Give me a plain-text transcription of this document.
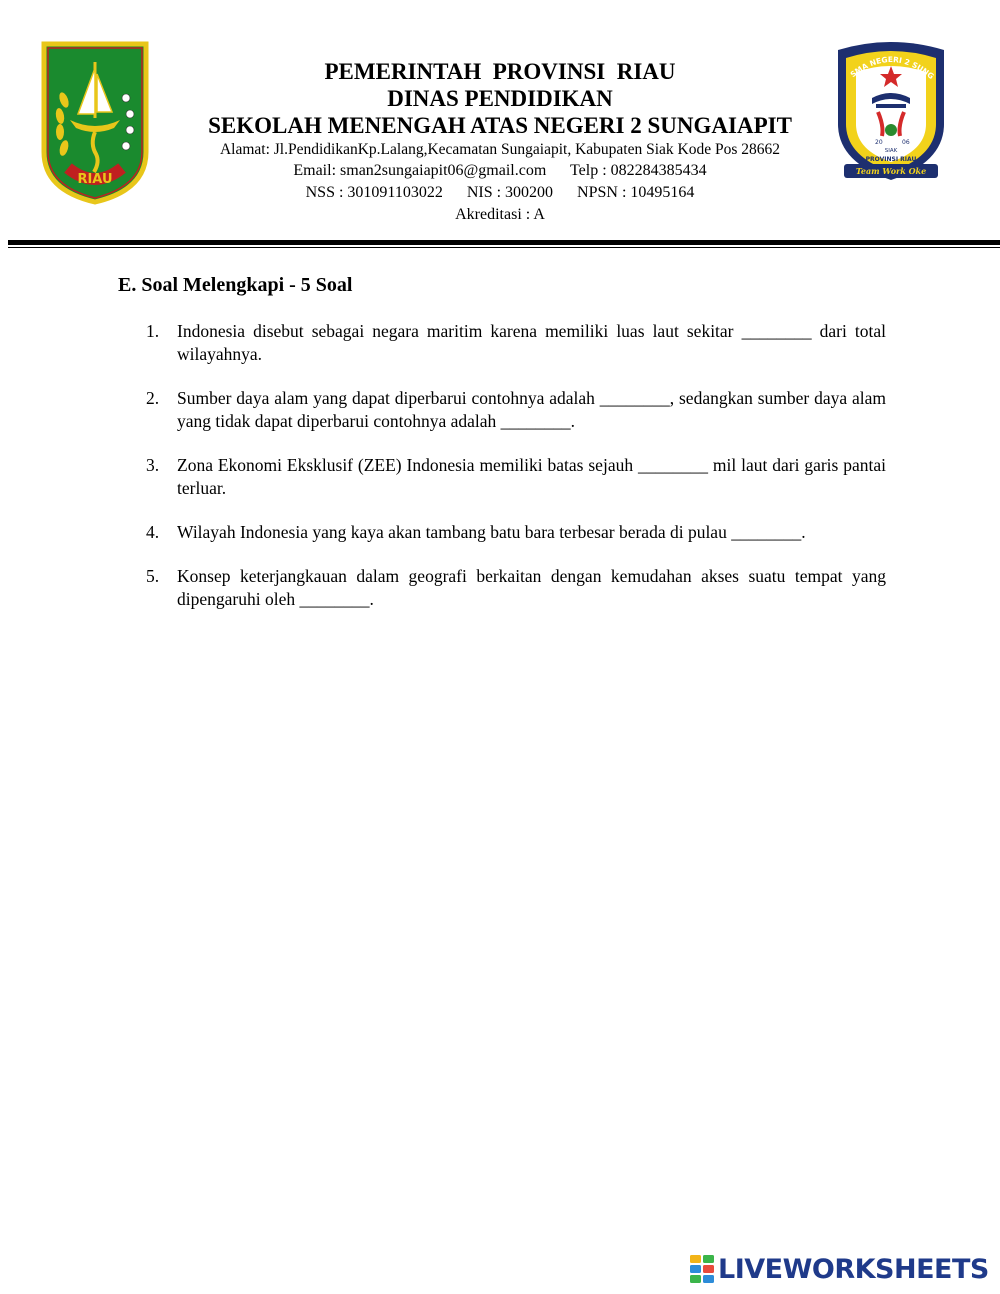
RIAU
PEMERINTAH  PROVINSI  RIAU
DINAS PENDIDIKAN
SEKOLAH MENENGAH ATAS NEGERI 2 SUNGAIAPIT
Alamat: Jl.PendidikanKp.Lalang,Kecamatan Sungaiapit, Kabupaten Siak Kode Pos 28662
Email: sman2sungaiapit06@gmail.com      Telp : 082284385434
NSS : 301091103022      NIS : 300200      NPSN : 10495164
Akreditasi : A
SMA NEGERI 2 SUNG
20	06
SIAK
PROVINSI RIAU
Team Work Oke
E. Soal Melengkapi - 5 Soal
1.	Indonesia disebut sebagai negara maritim karena memiliki luas laut sekitar ________ dari total wilayahnya.
2.	Sumber daya alam yang dapat diperbarui contohnya adalah ________, sedangkan sumber daya alam yang tidak dapat diperbarui contohnya adalah ________.
3.	Zona Ekonomi Eksklusif (ZEE) Indonesia memiliki batas sejauh ________ mil laut dari garis pantai terluar.
4.	Wilayah Indonesia yang kaya akan tambang batu bara terbesar berada di pulau ________.
5.	Konsep keterjangkauan dalam geografi berkaitan dengan kemudahan akses suatu tempat yang dipengaruhi oleh ________.
LIVEWORKSHEETS
